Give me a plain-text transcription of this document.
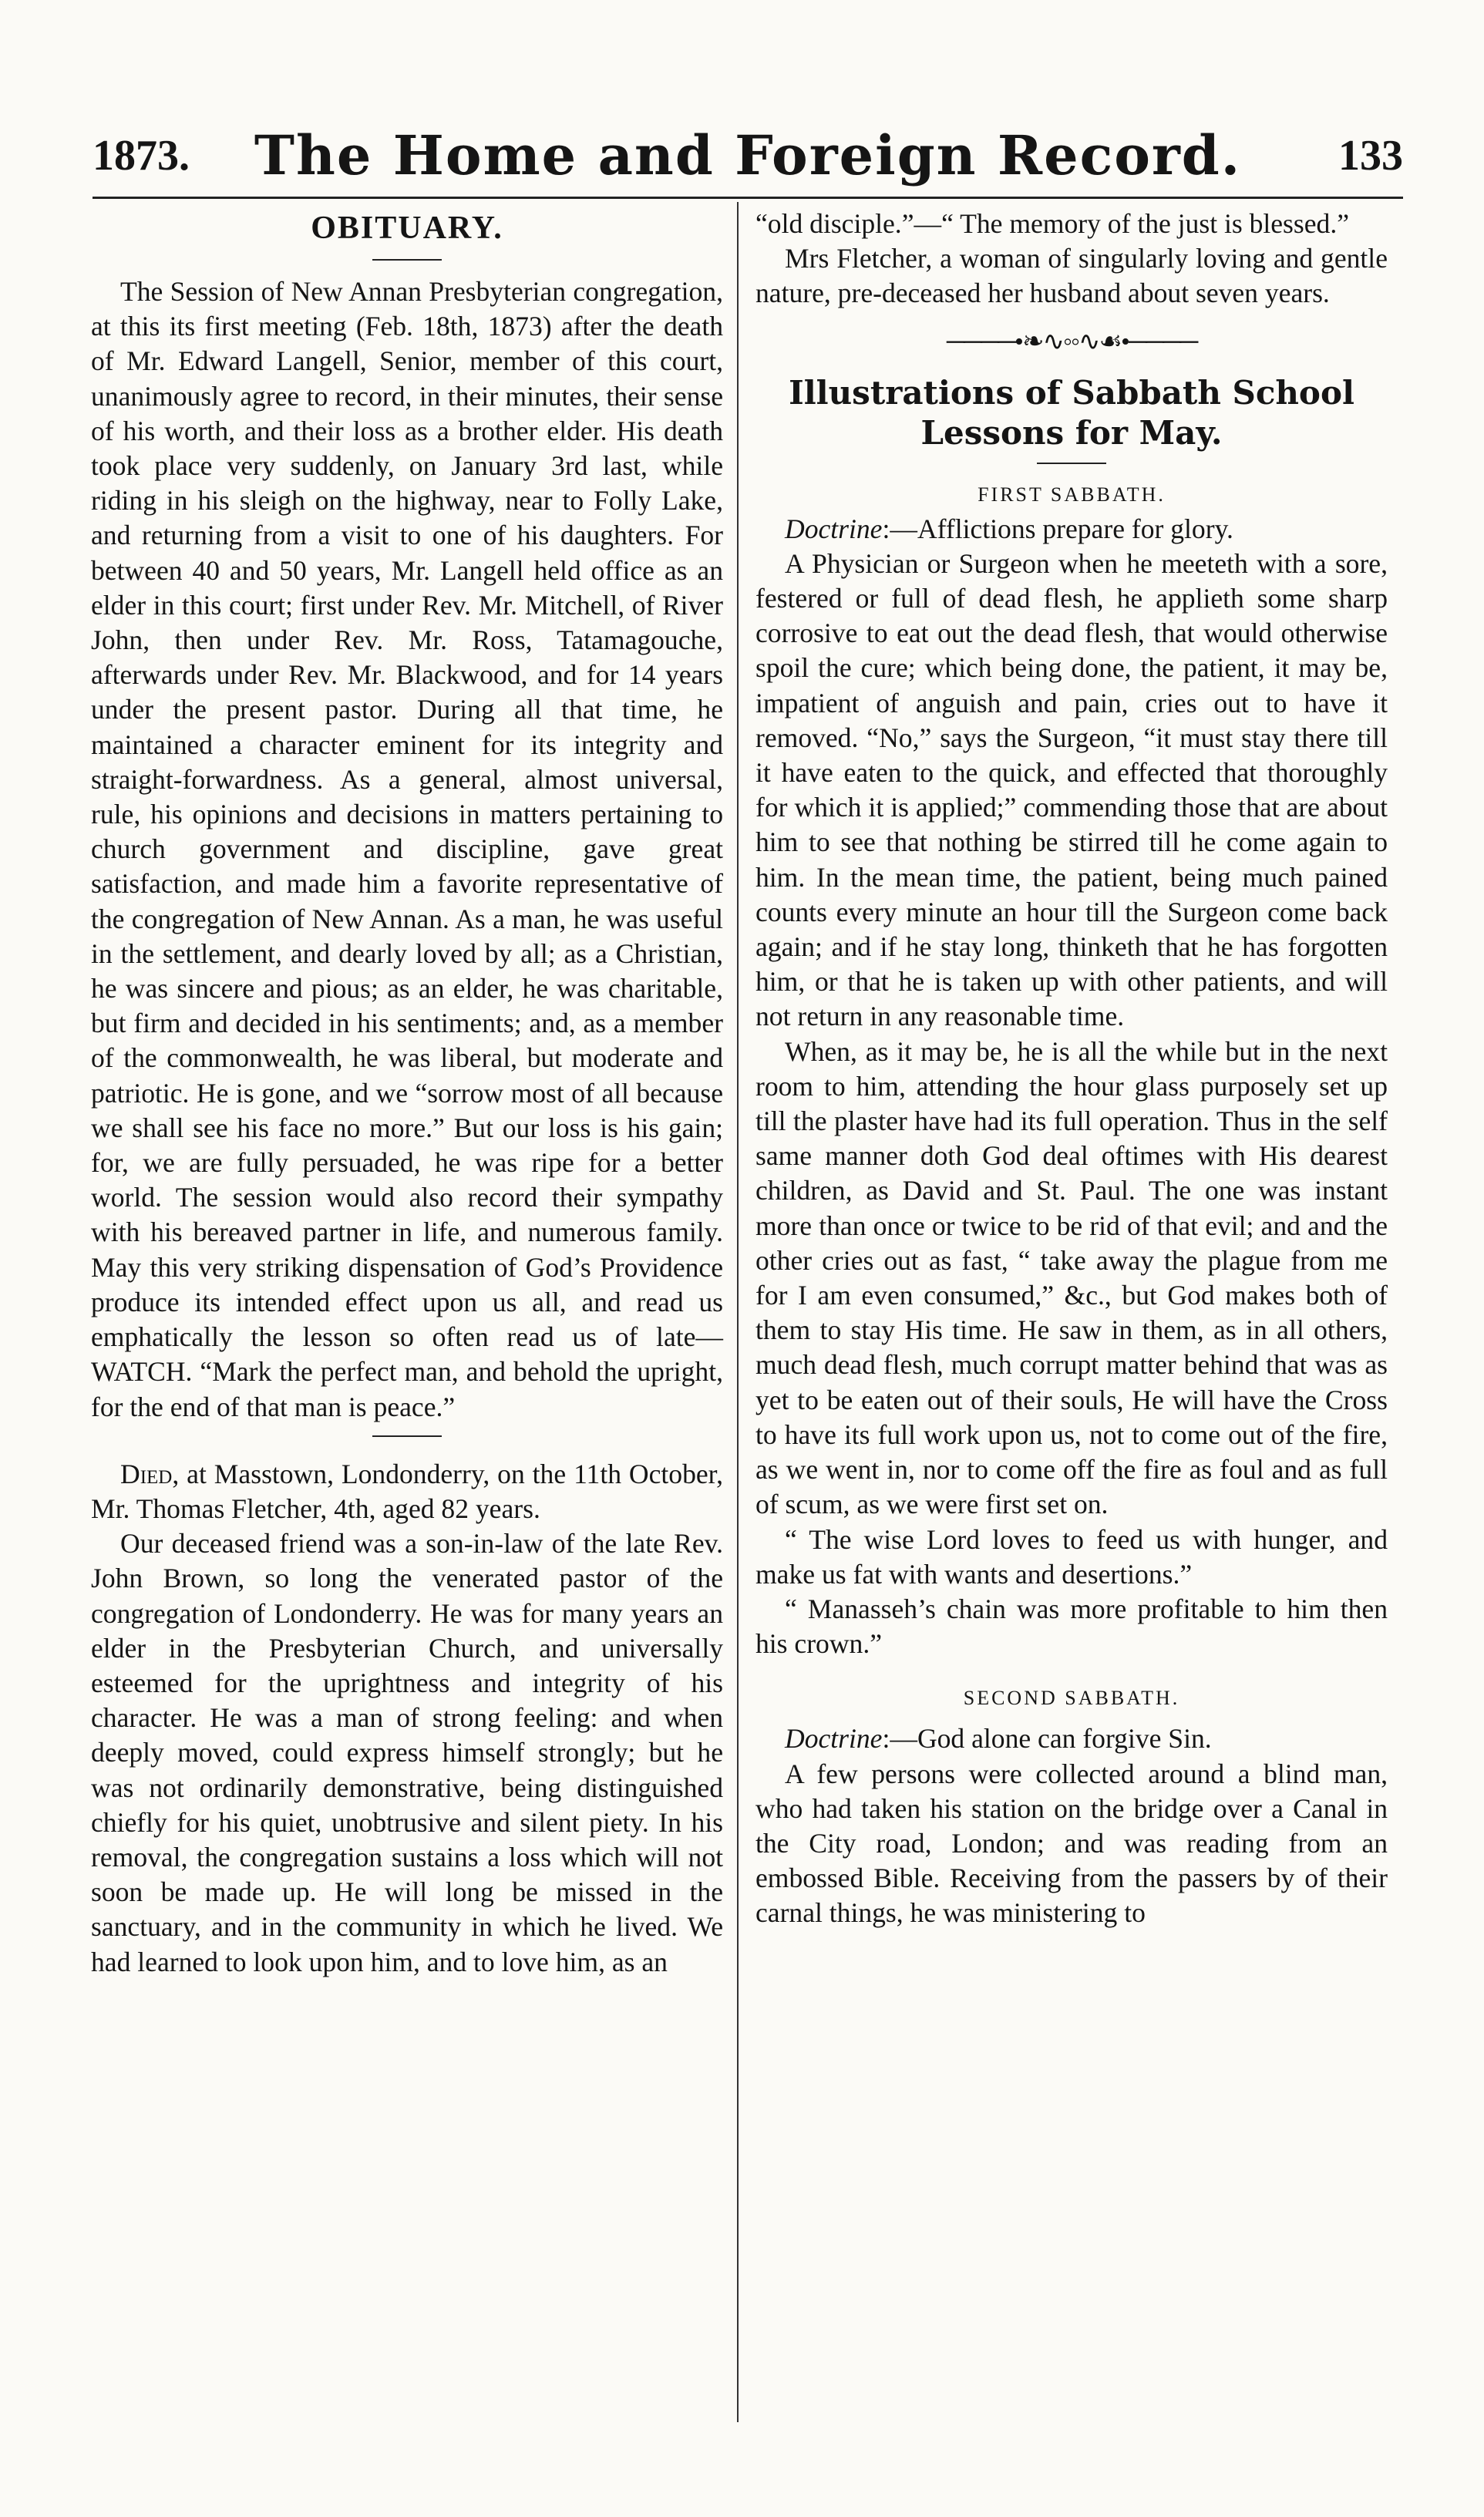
1873.	The Home and Foreign Record.	133
OBITUARY.

The Session of New Annan Presbyterian congregation, at this its first meeting (Feb. 18th, 1873) after the death of Mr. Edward Langell, Senior, member of this court, unanimously agree to record, in their minutes, their sense of his worth, and their loss as a brother elder. His death took place very suddenly, on January 3rd last, while riding in his sleigh on the highway, near to Folly Lake, and returning from a visit to one of his daughters. For between 40 and 50 years, Mr. Langell held office as an elder in this court; first under Rev. Mr. Mitchell, of River John, then under Rev. Mr. Ross, Tatamagouche, afterwards under Rev. Mr. Blackwood, and for 14 years under the present pastor. During all that time, he maintained a character eminent for its integrity and straight-forwardness. As a general, almost universal, rule, his opinions and decisions in matters pertaining to church government and discipline, gave great satisfaction, and made him a favorite representative of the congregation of New Annan. As a man, he was useful in the settlement, and dearly loved by all; as a Christian, he was sincere and pious; as an elder, he was charitable, but firm and decided in his sentiments; and, as a member of the commonwealth, he was liberal, but moderate and patriotic. He is gone, and we “sorrow most of all because we shall see his face no more.” But our loss is his gain; for, we are fully persuaded, he was ripe for a better world. The session would also record their sympathy with his bereaved partner in life, and numerous family. May this very striking dispensation of God’s Providence produce its intended effect upon us all, and read us emphatically the lesson so often read us of late—WATCH. “Mark the perfect man, and behold the upright, for the end of that man is peace.”

Died, at Masstown, Londonderry, on the 11th October, Mr. Thomas Fletcher, 4th, aged 82 years.

Our deceased friend was a son-in-law of the late Rev. John Brown, so long the venerated pastor of the congregation of Londonderry. He was for many years an elder in the Presbyterian Church, and universally esteemed for the uprightness and integrity of his character. He was a man of strong feeling: and when deeply moved, could express himself strongly; but he was not ordinarily demonstrative, being distinguished chiefly for his quiet, unobtrusive and silent piety. In his removal, the congregation sustains a loss which will not soon be made up. He will long be missed in the sanctuary, and in the community in which he lived. We had learned to look upon him, and to love him, as an

“old disciple.”—“ The memory of the just is blessed.”

Mrs Fletcher, a woman of singularly loving and gentle nature, pre-deceased her husband about seven years.

────•❧∿◦◦∿☙•────
Illustrations of Sabbath School Lessons for May.
FIRST SABBATH.

Doctrine:—Afflictions prepare for glory.

A Physician or Surgeon when he meeteth with a sore, festered or full of dead flesh, he applieth some sharp corrosive to eat out the dead flesh, that would otherwise spoil the cure; which being done, the patient, it may be, impatient of anguish and pain, cries out to have it removed. “No,” says the Surgeon, “it must stay there till it have eaten to the quick, and effected that thoroughly for which it is applied;” commending those that are about him to see that nothing be stirred till he come again to him. In the mean time, the patient, being much pained counts every minute an hour till the Surgeon come back again; and if he stay long, thinketh that he has forgotten him, or that he is taken up with other patients, and will not return in any reasonable time.

When, as it may be, he is all the while but in the next room to him, attending the hour glass purposely set up till the plaster have had its full operation. Thus in the self same manner doth God deal oftimes with His dearest children, as David and St. Paul. The one was instant more than once or twice to be rid of that evil; and and the other cries out as fast, “ take away the plague from me for I am even consumed,” &c., but God makes both of them to stay His time. He saw in them, as in all others, much dead flesh, much corrupt matter behind that was as yet to be eaten out of their souls, He will have the Cross to have its full work upon us, not to come out of the fire, as we went in, nor to come off the fire as foul and as full of scum, as we were first set on.

“ The wise Lord loves to feed us with hunger, and make us fat with wants and desertions.”

“ Manasseh’s chain was more profitable to him then his crown.”

SECOND SABBATH.

Doctrine:—God alone can forgive Sin.

A few persons were collected around a blind man, who had taken his station on the bridge over a Canal in the City road, London; and was reading from an embossed Bible. Receiving from the passers by of their carnal things, he was ministering to
